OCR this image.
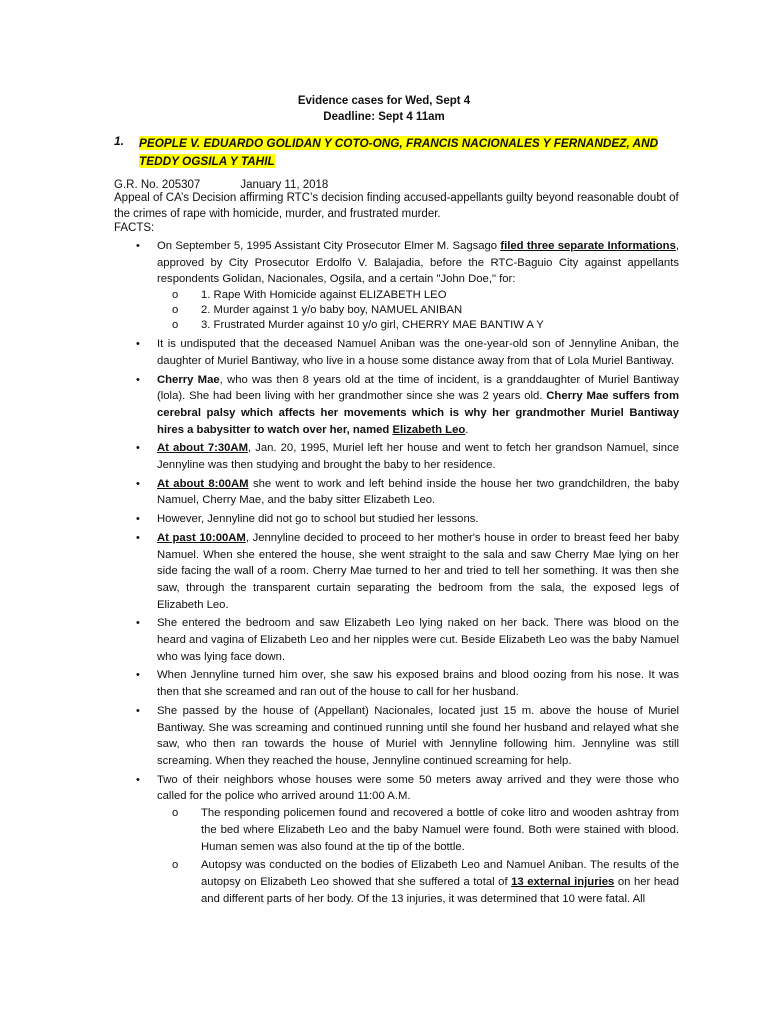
Evidence cases for Wed, Sept 4
Deadline: Sept 4 11am
1. PEOPLE V. EDUARDO GOLIDAN Y COTO-ONG, FRANCIS NACIONALES Y FERNANDEZ, AND TEDDY OGSILA Y TAHIL
G.R. No. 205307	January 11, 2018
Appeal of CA’s Decision affirming RTC’s decision finding accused-appellants guilty beyond reasonable doubt of the crimes of rape with homicide, murder, and frustrated murder.
FACTS:
• On September 5, 1995 Assistant City Prosecutor Elmer M. Sagsago filed three separate Informations, approved by City Prosecutor Erdolfo V. Balajadia, before the RTC-Baguio City against appellants respondents Golidan, Nacionales, Ogsila, and a certain "John Doe," for:
o 1. Rape With Homicide against ELIZABETH LEO
o 2. Murder against 1 y/o baby boy, NAMUEL ANIBAN
o 3. Frustrated Murder against 10 y/o girl, CHERRY MAE BANTIW A Y
• It is undisputed that the deceased Namuel Aniban was the one-year-old son of Jennyline Aniban, the daughter of Muriel Bantiway, who live in a house some distance away from that of Lola Muriel Bantiway.
• Cherry Mae, who was then 8 years old at the time of incident, is a granddaughter of Muriel Bantiway (lola). She had been living with her grandmother since she was 2 years old. Cherry Mae suffers from cerebral palsy which affects her movements which is why her grandmother Muriel Bantiway hires a babysitter to watch over her, named Elizabeth Leo.
• At about 7:30AM, Jan. 20, 1995, Muriel left her house and went to fetch her grandson Namuel, since Jennyline was then studying and brought the baby to her residence.
• At about 8:00AM she went to work and left behind inside the house her two grandchildren, the baby Namuel, Cherry Mae, and the baby sitter Elizabeth Leo.
• However, Jennyline did not go to school but studied her lessons.
• At past 10:00AM, Jennyline decided to proceed to her mother's house in order to breast feed her baby Namuel. When she entered the house, she went straight to the sala and saw Cherry Mae lying on her side facing the wall of a room. Cherry Mae turned to her and tried to tell her something. It was then she saw, through the transparent curtain separating the bedroom from the sala, the exposed legs of Elizabeth Leo.
• She entered the bedroom and saw Elizabeth Leo lying naked on her back. There was blood on the heard and vagina of Elizabeth Leo and her nipples were cut. Beside Elizabeth Leo was the baby Namuel who was lying face down.
• When Jennyline turned him over, she saw his exposed brains and blood oozing from his nose. It was then that she screamed and ran out of the house to call for her husband.
• She passed by the house of (Appellant) Nacionales, located just 15 m. above the house of Muriel Bantiway. She was screaming and continued running until she found her husband and relayed what she saw, who then ran towards the house of Muriel with Jennyline following him. Jennyline was still screaming. When they reached the house, Jennyline continued screaming for help.
• Two of their neighbors whose houses were some 50 meters away arrived and they were those who called for the police who arrived around 11:00 A.M.
o The responding policemen found and recovered a bottle of coke litro and wooden ashtray from the bed where Elizabeth Leo and the baby Namuel were found. Both were stained with blood. Human semen was also found at the tip of the bottle.
o Autopsy was conducted on the bodies of Elizabeth Leo and Namuel Aniban. The results of the autopsy on Elizabeth Leo showed that she suffered a total of 13 external injuries on her head and different parts of her body. Of the 13 injuries, it was determined that 10 were fatal. All
